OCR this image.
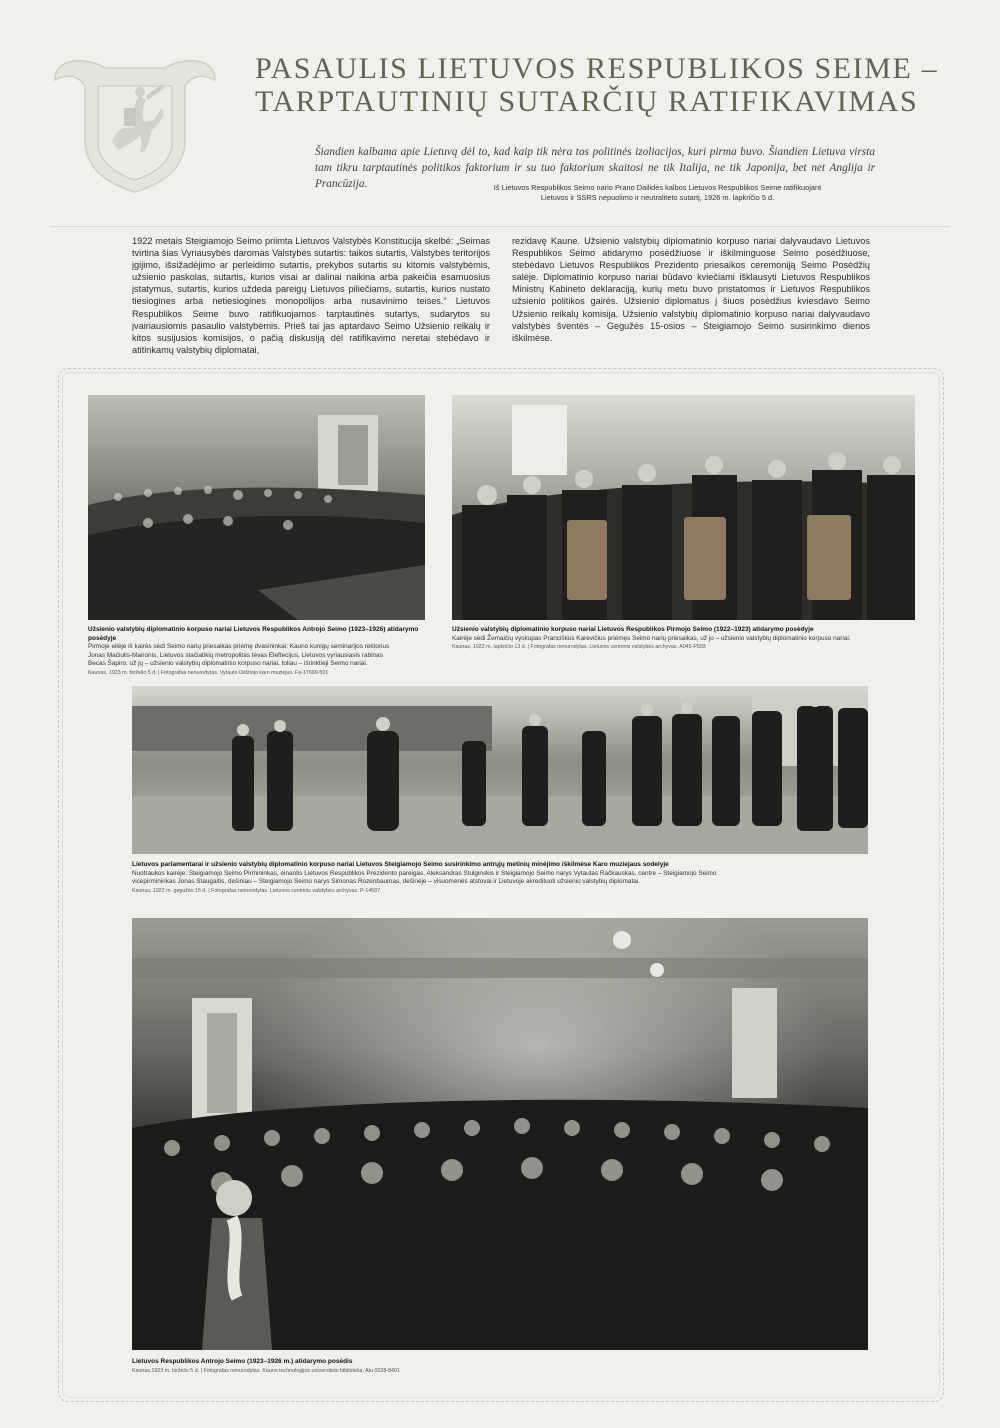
PASAULIS LIETUVOS RESPUBLIKOS SEIME –
TARPTAUTINIŲ SUTARČIŲ RATIFIKAVIMAS
Šiandien kalbama apie Lietuvą dėl to, kad kaip tik nėra tos politinės izoliacijos, kuri pirma buvo. Šiandien Lietuva virsta tam tikru tarptautinės politikos faktorium ir su tuo faktorium skaitosi ne tik Italija, ne tik Japonija, bet net Anglija ir Prancūzija.	Iš Lietuvos Respublikos Seimo nario Prano Dailidės kalbos Lietuvos Respublikos Seime ratifikuojant Lietuvos ir SSRS nepuolimo ir neutraliteto sutartį, 1926 m. lapkričio 5 d.
1922 metais Steigiamojo Seimo priimta Lietuvos Valstybės Konstitucija skelbė: „Seimas tvirtina šias Vyriausybės daromas Valstybės sutartis: taikos sutartis, Valstybės teritorijos įgijimo, išsižadėjimo ar perleidimo sutartis, prekybos sutartis su kitomis valstybėmis, užsienio paskolas, sutartis, kurios visai ar dalinai naikina arba pakeičia esamuosius įstatymus, sutartis, kurios uždeda pareigų Lietuvos piliečiams, sutartis, kurios nustato tiesiogines arba netiesiogines monopolijos arba nusavinimo teises.“ Lietuvos Respublikos Seime buvo ratifikuojamos tarptautinės sutartys, sudarytos su įvairiausiomis pasaulio valstybėmis. Prieš tai jas aptardavo Seimo Užsienio reikalų ir kitos susijusios komisijos, o pačią diskusiją dėl ratifikavimo neretai stebėdavo ir atitinkamų valstybių diplomatai,
rezidavę Kaune. Užsienio valstybių diplomatinio korpuso nariai dalyvaudavo Lietuvos Respublikos Seimo atidarymo posėdžiuose ir iškilminguose Seimo posėdžiuose, stebėdavo Lietuvos Respublikos Prezidento priesaikos ceremoniją Seimo Posėdžių salėje. Diplomatinio korpuso nariai būdavo kviečiami išklausyti Lietuvos Respublikos Ministrų Kabineto deklaraciją, kurių metu buvo pristatomos ir Lietuvos Respublikos užsienio politikos gairės. Užsienio diplomatus į šiuos posėdžius kviesdavo Seimo Užsienio reikalų komisija. Užsienio valstybių diplomatinio korpuso nariai dalyvaudavo valstybės šventės – Gegužės 15-osios – Steigiamojo Seimo susirinkimo dienos iškilmėse.
Užsienio valstybių diplomatinio korpuso nariai Lietuvos Respublikos Antrojo Seimo (1923–1926) atidarymo posėdyje
Pirmoje eilėje iš kairės sėdi Seimo narių priesaikas priėmę dvasininkai: Kauno kunigų seminarijos rektorius
Jonas Mačiulis-Maironis, Lietuvos stačiatikių metropolitas tėvas Eleftecijus, Lietuvos vyriausiasis rabinas
Becas Šapiro, už jų – užsienio valstybių diplomatinio korpuso nariai, toliau – išrinktieji Seimo nariai.
Kaunas, 1923 m. birželio 5 d. | Fotografas nenurodytas. Vytauto Didžiojo karo muziejus. Fa-17699-501
Užsienio valstybių diplomatinio korpuso nariai Lietuvos Respublikos Pirmojo Seimo (1922–1923) atidarymo posėdyje
Kairėje sėdi Žemaičių vyskupas Pranciškus Karevičius priėmęs Seimo narių priesaikas, už jo – užsienio valstybių diplomatinio korpuso nariai.
Kaunas, 1922 m. lapkričio 13 d. | Fotografas nenurodytas. Lietuvos centrinis valstybės archyvas. A045-P503
Lietuvos parlamentarai ir užsienio valstybių diplomatinio korpuso nariai Lietuvos Steigiamojo Seimo susirinkimo antrųjų metinių minėjimo iškilmėse Karo muziejaus sodelyje
Nuotraukos kairėje: Steigiamojo Seimo Pirmininkas, einantis Lietuvos Respublikos Prezidento pareigas, Aleksandras Stulginskis ir Steigiamojo Seimo narys Vytautas Račkauskas, centre – Steigiamojo Seimo
vicepirmininkas Jonas Staugaitis, dešiniau – Steigiamojo Seimo narys Simonas Rozenbaumas, dešinėje – visuomenės atstovai ir Lietuvoje akredituoti užsienio valstybių diplomatai.
Kaunas, 1922 m. gegužės 15 d. | Fotografas nenurodytas. Lietuvos centrinis valstybės archyvas. P-14587
Lietuvos Respublikos Antrojo Seimo (1923–1926 m.) atidarymo posėdis
Kaunas,1923 m. birželio 5 d. | Fotografas nenurodytas. Kauno technologijos universiteto biblioteka. Atu 0028-8401
